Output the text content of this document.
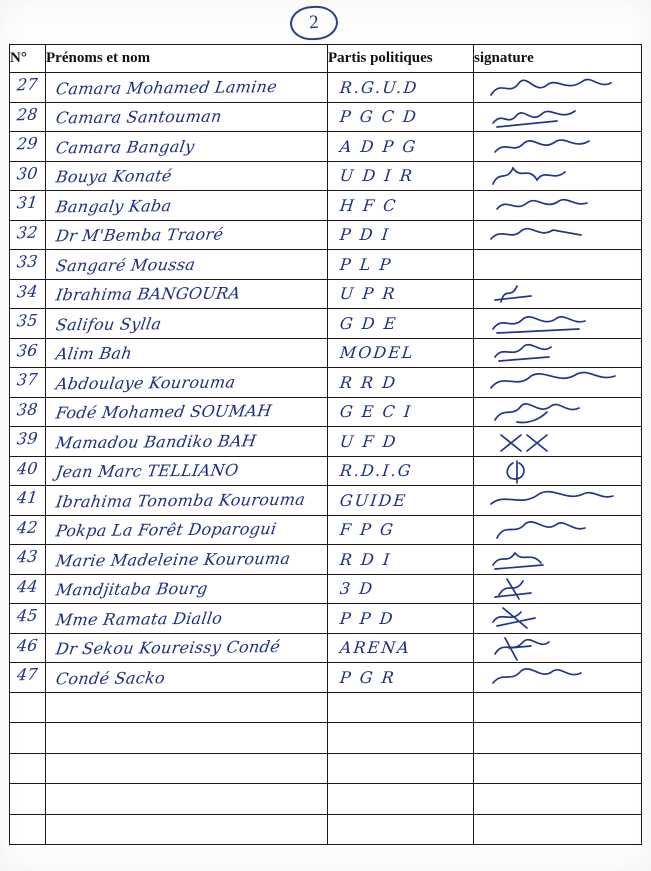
2
N°	Prénoms et nom	Partis politiques	signature
27	Camara Mohamed Lamine	R.G.U.D

28	Camara Santouman	P G C D

29	Camara Bangaly	A D P G

30	Bouya Konaté	U D I R

31	Bangaly Kaba	H F C

32	Dr M'Bemba Traoré	P D I

33	Sangaré Moussa	P L P	

34	Ibrahima BANGOURA	U P R

35	Salifou Sylla	G D E

36	Alim Bah	MODEL

37	Abdoulaye Kourouma	R R D

38	Fodé Mohamed SOUMAH	G E C I

39	Mamadou Bandiko BAH	U F D

40	Jean Marc TELLIANO	R.D.I.G

41	Ibrahima Tonomba Kourouma	GUIDE

42	Pokpa La Forêt Doparogui	F P G

43	Marie Madeleine Kourouma	R D I

44	Mandjitaba Bourg	3 D

45	Mme Ramata Diallo	P P D

46	Dr Sekou Koureissy Condé	ARENA

47	Condé Sacko	P G R
